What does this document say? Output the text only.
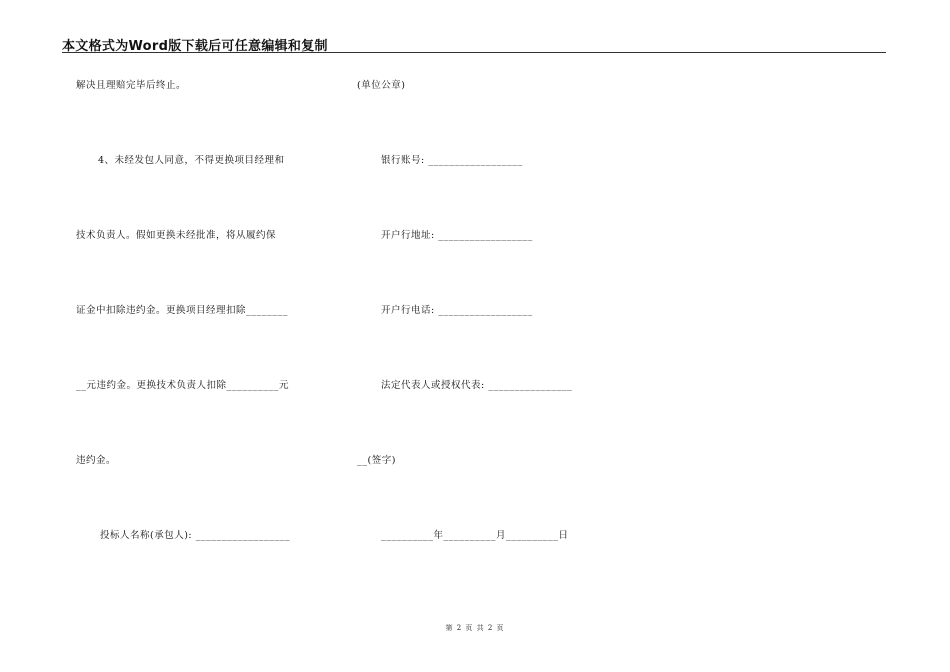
本文格式为Word版下载后可任意编辑和复制
解决且理赔完毕后终止。
4、未经发包人同意，不得更换项目经理和
技术负责人。假如更换未经批准，将从履约保
证金中扣除违约金。更换项目经理扣除________
__元违约金。更换技术负责人扣除__________元
违约金。
投标人名称(承包人): __________________
(单位公章)
银行账号: __________________
开户行地址: __________________
开户行电话: __________________
法定代表人或授权代表: ________________
__(签字)
__________年__________月__________日
第 2 页 共 2 页
